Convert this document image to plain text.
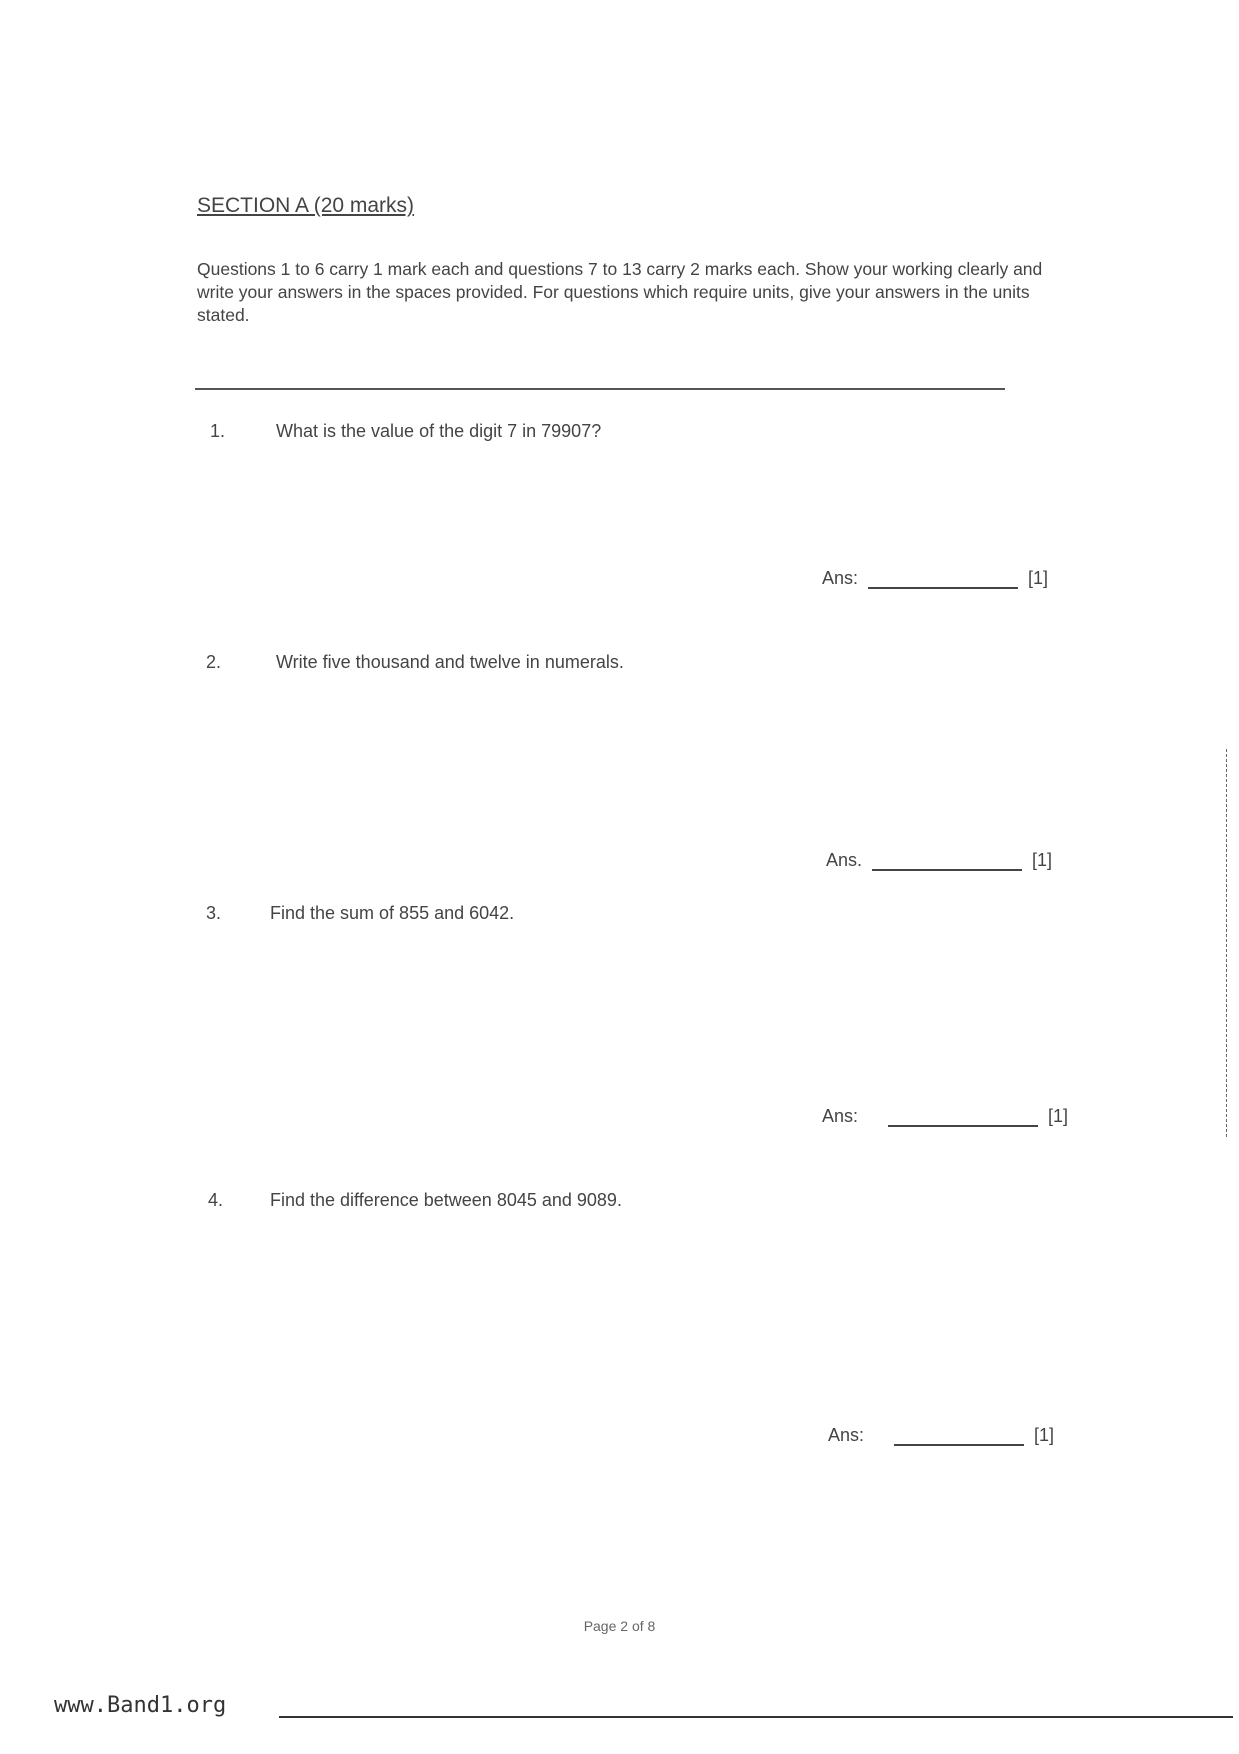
SECTION A (20 marks)
Questions 1 to 6 carry 1 mark each and questions 7 to 13 carry 2 marks each. Show your working clearly and write your answers in the spaces provided. For questions which require units, give your answers in the units stated.
1.	What is the value of the digit 7 in 79907?
Ans:	[1]
2.	Write five thousand and twelve in numerals.
Ans.	[1]
3.	Find the sum of 855 and 6042.
Ans:	[1]
4.	Find the difference between 8045 and 9089.
Ans:	[1]
Page 2 of 8
www.Band1.org
